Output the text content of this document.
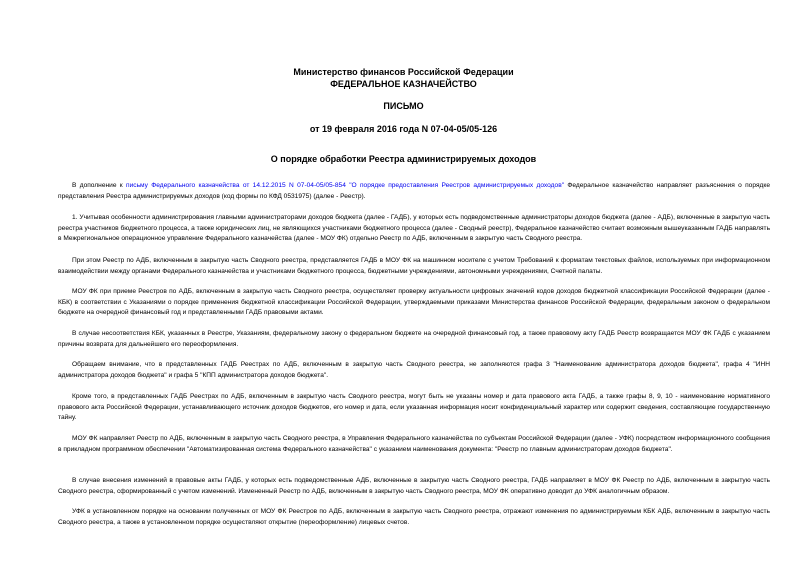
Министерство финансов Российской Федерации
ФЕДЕРАЛЬНОЕ КАЗНАЧЕЙСТВО
ПИСЬМО
от 19 февраля 2016 года N 07-04-05/05-126
О порядке обработки Реестра администрируемых доходов

В дополнение к письму Федерального казначейства от 14.12.2015 N 07-04-05/05-854 "О порядке предоставления Реестров администрируемых доходов" Федеральное казначейство направляет разъяснения о порядке представления Реестра администрируемых доходов (код формы по КФД 0531975) (далее - Реестр).

1. Учитывая особенности администрирования главными администраторами доходов бюджета (далее - ГАДБ), у которых есть подведомственные администраторы доходов бюджета (далее - АДБ), включенные в закрытую часть реестра участников бюджетного процесса, а также юридических лиц, не являющихся участниками бюджетного процесса (далее - Сводный реестр), Федеральное казначейство считает возможным вышеуказанным ГАДБ направлять в Межрегиональное операционное управление Федерального казначейства (далее - МОУ ФК) отдельно Реестр по АДБ, включенным в закрытую часть Сводного реестра.

При этом Реестр по АДБ, включенным в закрытую часть Сводного реестра, представляется ГАДБ в МОУ ФК на машинном носителе с учетом Требований к форматам текстовых файлов, используемых при информационном взаимодействии между органами Федерального казначейства и участниками бюджетного процесса, бюджетными учреждениями, автономными учреждениями, Счетной палаты.

МОУ ФК при приеме Реестров по АДБ, включенным в закрытую часть Сводного реестра, осуществляет проверку актуальности цифровых значений кодов доходов бюджетной классификации Российской Федерации (далее - КБК) в соответствии с Указаниями о порядке применения бюджетной классификации Российской Федерации, утверждаемыми приказами Министерства финансов Российской Федерации, федеральным законом о федеральном бюджете на очередной финансовый год и представленными ГАДБ правовыми актами.

В случае несоответствия КБК, указанных в Реестре, Указаниям, федеральному закону о федеральном бюджете на очередной финансовый год, а также правовому акту ГАДБ Реестр возвращается МОУ ФК ГАДБ с указанием причины возврата для дальнейшего его переоформления.

Обращаем внимание, что в представленных ГАДБ Реестрах по АДБ, включенным в закрытую часть Сводного реестра, не заполняются графа 3 "Наименование администратора доходов бюджета", графа 4 "ИНН администратора доходов бюджета" и графа 5 "КПП администратора доходов бюджета".

Кроме того, в представленных ГАДБ Реестрах по АДБ, включенным в закрытую часть Сводного реестра, могут быть не указаны номер и дата правового акта ГАДБ, а также графы 8, 9, 10 - наименование нормативного правового акта Российской Федерации, устанавливающего источник доходов бюджетов, его номер и дата, если указанная информация носит конфиденциальный характер или содержит сведения, составляющие государственную тайну.

МОУ ФК направляет Реестр по АДБ, включенным в закрытую часть Сводного реестра, в Управления Федерального казначейства по субъектам Российской Федерации (далее - УФК) посредством информационного сообщения в прикладном программном обеспечении "Автоматизированная система Федерального казначейства" с указанием наименования документа: "Реестр по главным администраторам доходов бюджета".

В случае внесения изменений в правовые акты ГАДБ, у которых есть подведомственные АДБ, включенные в закрытую часть Сводного реестра, ГАДБ направляет в МОУ ФК Реестр по АДБ, включенным в закрытую часть Сводного реестра, сформированный с учетом изменений. Измененный Реестр по АДБ, включенным в закрытую часть Сводного реестра, МОУ ФК оперативно доводит до УФК аналогичным образом.

УФК в установленном порядке на основании полученных от МОУ ФК Реестров по АДБ, включенным в закрытую часть Сводного реестра, отражают изменения по администрируемым КБК АДБ, включенным в закрытую часть Сводного реестра, а также в установленном порядке осуществляют открытие (переоформление) лицевых счетов.
